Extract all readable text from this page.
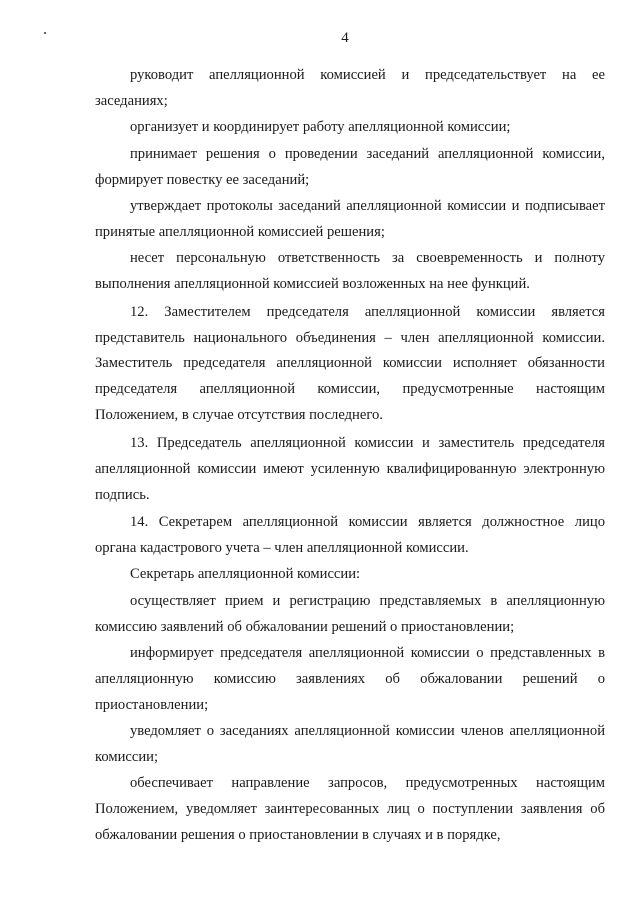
4

руководит апелляционной комиссией и председательствует на ее заседаниях;

организует и координирует работу апелляционной комиссии;

принимает решения о проведении заседаний апелляционной комиссии, формирует повестку ее заседаний;

утверждает протоколы заседаний апелляционной комиссии и подписывает принятые апелляционной комиссией решения;

несет персональную ответственность за своевременность и полноту выполнения апелляционной комиссией возложенных на нее функций.

12. Заместителем председателя апелляционной комиссии является представитель национального объединения – член апелляционной комиссии. Заместитель председателя апелляционной комиссии исполняет обязанности председателя апелляционной комиссии, предусмотренные настоящим Положением, в случае отсутствия последнего.

13. Председатель апелляционной комиссии и заместитель председателя апелляционной комиссии имеют усиленную квалифицированную электронную подпись.

14. Секретарем апелляционной комиссии является должностное лицо органа кадастрового учета – член апелляционной комиссии.

Секретарь апелляционной комиссии:

осуществляет прием и регистрацию представляемых в апелляционную комиссию заявлений об обжаловании решений о приостановлении;

информирует председателя апелляционной комиссии о представленных в апелляционную комиссию заявлениях об обжаловании решений о приостановлении;

уведомляет о заседаниях апелляционной комиссии членов апелляционной комиссии;

обеспечивает направление запросов, предусмотренных настоящим Положением, уведомляет заинтересованных лиц о поступлении заявления об обжаловании решения о приостановлении в случаях и в порядке,
